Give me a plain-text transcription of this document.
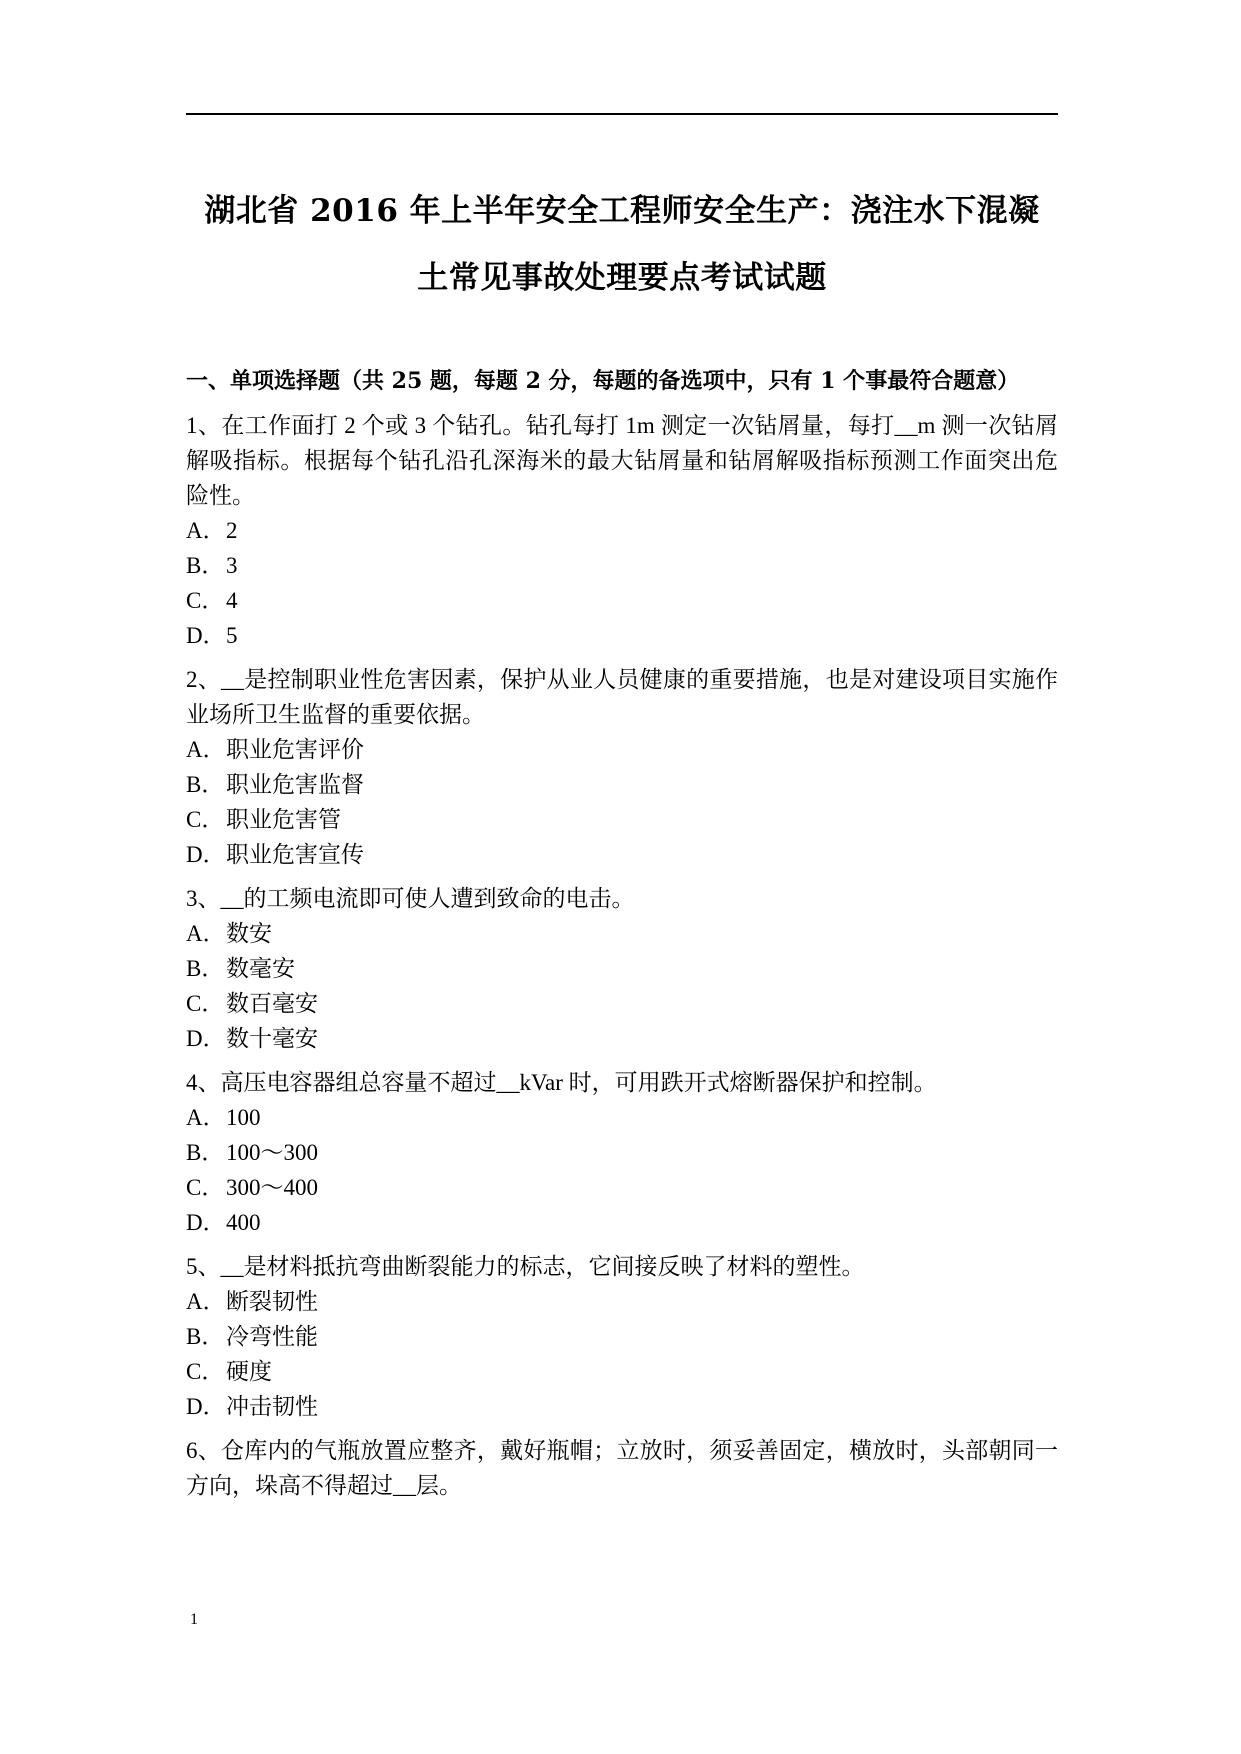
湖北省 2016 年上半年安全工程师安全生产：浇注水下混凝
土常见事故处理要点考试试题
一、单项选择题（共 25 题，每题 2 分，每题的备选项中，只有 1 个事最符合题意）
1、在工作面打 2 个或 3 个钻孔。钻孔每打 1m 测定一次钻屑量，每打__m 测一次钻屑解吸指标。根据每个钻孔沿孔深海米的最大钻屑量和钻屑解吸指标预测工作面突出危险性。
A．2
B．3
C．4
D．5
2、__是控制职业性危害因素，保护从业人员健康的重要措施，也是对建设项目实施作业场所卫生监督的重要依据。
A．职业危害评价
B．职业危害监督
C．职业危害管
D．职业危害宣传
3、__的工频电流即可使人遭到致命的电击。
A．数安
B．数毫安
C．数百毫安
D．数十毫安
4、高压电容器组总容量不超过__kVar 时，可用跌开式熔断器保护和控制。
A．100
B．100～300
C．300～400
D．400
5、__是材料抵抗弯曲断裂能力的标志，它间接反映了材料的塑性。
A．断裂韧性
B．冷弯性能
C．硬度
D．冲击韧性
6、仓库内的气瓶放置应整齐，戴好瓶帽；立放时，须妥善固定，横放时，头部朝同一方向，垛高不得超过__层。
1
